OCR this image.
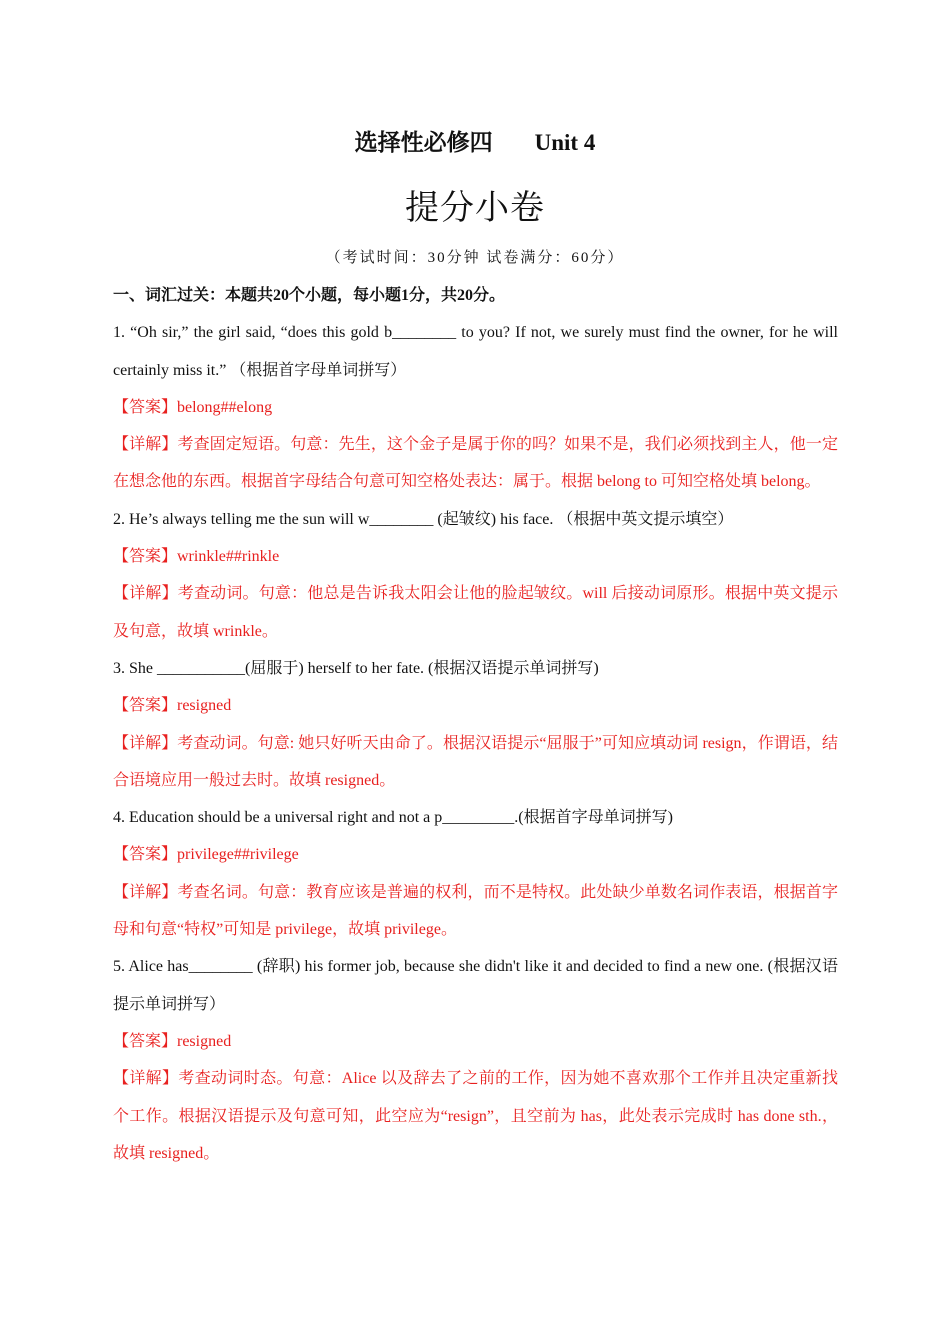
选择性必修四 Unit 4
提分小卷
（考试时间：30分钟 试卷满分：60分）

一、词汇过关：本题共20个小题，每小题1分，共20分。

1. “Oh sir,” the girl said, “does this gold b________ to you? If not, we surely must find the owner, for he will certainly miss it.” （根据首字母单词拼写）

【答案】belong##elong

【详解】考查固定短语。句意：先生，这个金子是属于你的吗？如果不是，我们必须找到主人，他一定在想念他的东西。根据首字母结合句意可知空格处表达：属于。根据 belong to 可知空格处填 belong。

2. He’s always telling me the sun will w________ (起皱纹) his face. （根据中英文提示填空）

【答案】wrinkle##rinkle

【详解】考查动词。句意：他总是告诉我太阳会让他的脸起皱纹。will 后接动词原形。根据中英文提示及句意，故填 wrinkle。

3. She ___________(屈服于) herself to her fate. (根据汉语提示单词拼写)

【答案】resigned

【详解】考查动词。句意: 她只好听天由命了。根据汉语提示“屈服于”可知应填动词 resign，作谓语，结合语境应用一般过去时。故填 resigned。

4. Education should be a universal right and not a p_________.(根据首字母单词拼写)

【答案】privilege##rivilege

【详解】考查名词。句意：教育应该是普遍的权利，而不是特权。此处缺少单数名词作表语，根据首字母和句意“特权”可知是 privilege，故填 privilege。

5. Alice has________ (辞职) his former job, because she didn't like it and decided to find a new one. (根据汉语提示单词拼写）

【答案】resigned

【详解】考查动词时态。句意：Alice 以及辞去了之前的工作，因为她不喜欢那个工作并且决定重新找个工作。根据汉语提示及句意可知，此空应为“resign”，且空前为 has，此处表示完成时 has done sth.，故填 resigned。
